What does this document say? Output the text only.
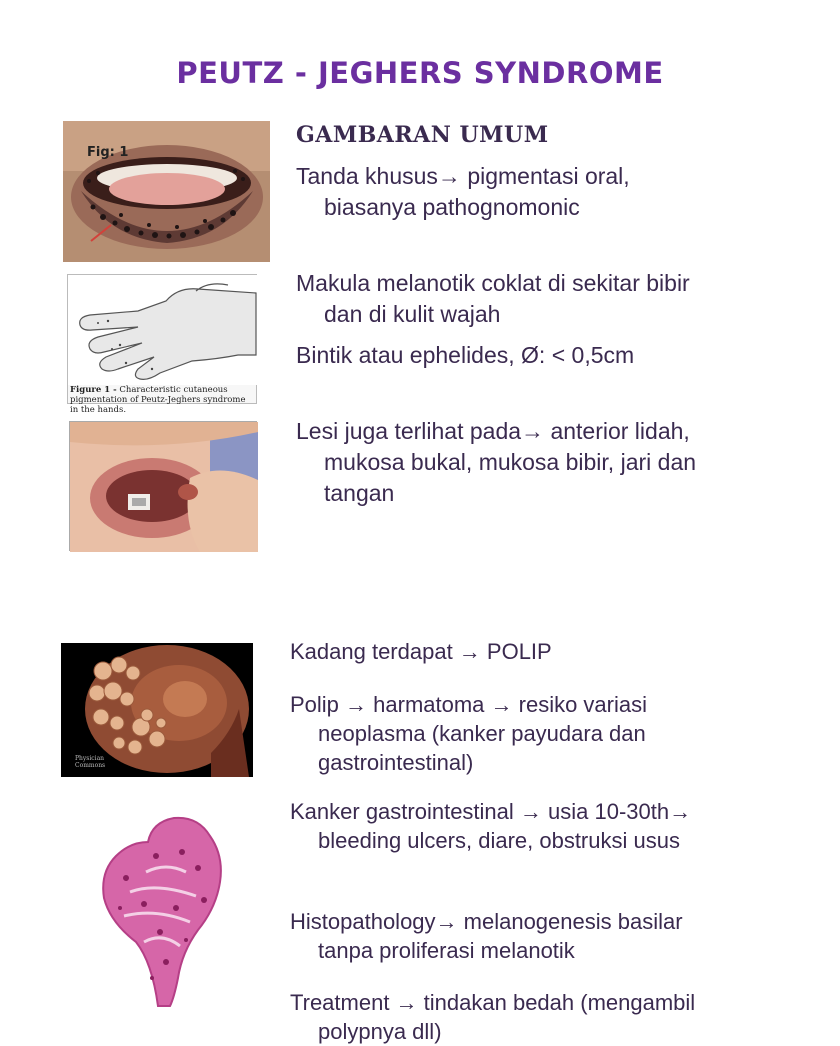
PEUTZ - JEGHERS SYNDROME
GAMBARAN UMUM
Fig: 1
Figure 1 - Characteristic cutaneous pigmentation of Peutz-Jeghers syndrome in the hands.
Physician Commons
Tanda khusus→ pigmentasi oral, biasanya pathognomonic
Makula melanotik coklat di sekitar bibir dan di kulit wajah
Bintik atau ephelides, Ø: < 0,5cm
Lesi juga terlihat pada→ anterior lidah, mukosa bukal, mukosa bibir, jari dan tangan
Kadang terdapat → POLIP
Polip → harmatoma → resiko variasi neoplasma (kanker payudara dan gastrointestinal)
Kanker gastrointestinal → usia 10-30th→ bleeding ulcers, diare, obstruksi usus
Histopathology→ melanogenesis basilar tanpa proliferasi melanotik
Treatment → tindakan bedah (mengambil polypnya dll)
